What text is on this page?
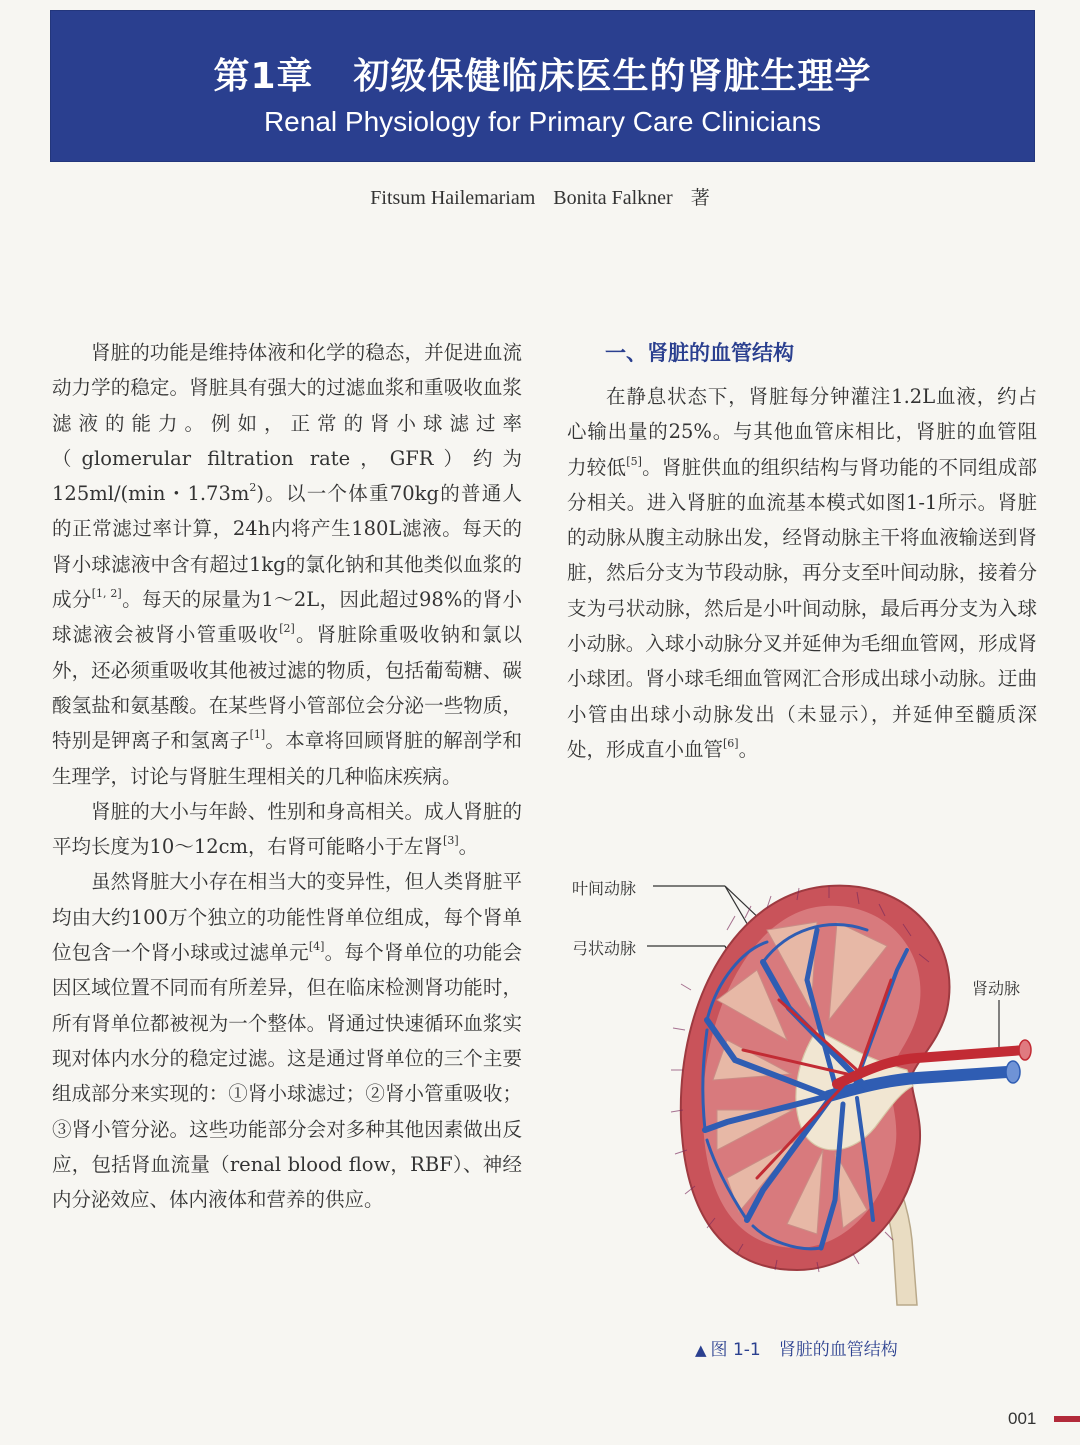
第1章 初级保健临床医生的肾脏生理学
Renal Physiology for Primary Care Clinicians
Fitsum Hailemariam Bonita Falkner 著

肾脏的功能是维持体液和化学的稳态，并促进血流动力学的稳定。肾脏具有强大的过滤血浆和重吸收血浆滤液的能力。例如，正常的肾小球滤过率（glomerular filtration rate，GFR）约为125ml/(min・$1.73m^2$)。以一个体重70kg的普通人的正常滤过率计算，24h内将产生180L滤液。每天的肾小球滤液中含有超过1kg的氯化钠和其他类似血浆的成分[1, 2]。每天的尿量为1～2L，因此超过98%的肾小球滤液会被肾小管重吸收[2]。肾脏除重吸收钠和氯以外，还必须重吸收其他被过滤的物质，包括葡萄糖、碳酸氢盐和氨基酸。在某些肾小管部位会分泌一些物质，特别是钾离子和氢离子[1]。本章将回顾肾脏的解剖学和生理学，讨论与肾脏生理相关的几种临床疾病。

肾脏的大小与年龄、性别和身高相关。成人肾脏的平均长度为10～12cm，右肾可能略小于左肾[3]。

虽然肾脏大小存在相当大的变异性，但人类肾脏平均由大约100万个独立的功能性肾单位组成，每个肾单位包含一个肾小球或过滤单元[4]。每个肾单位的功能会因区域位置不同而有所差异，但在临床检测肾功能时，所有肾单位都被视为一个整体。肾通过快速循环血浆实现对体内水分的稳定过滤。这是通过肾单位的三个主要组成部分来实现的：①肾小球滤过；②肾小管重吸收；③肾小管分泌。这些功能部分会对多种其他因素做出反应，包括肾血流量（renal blood flow，RBF）、神经内分泌效应、体内液体和营养的供应。

一、肾脏的血管结构

在静息状态下，肾脏每分钟灌注1.2L血液，约占心输出量的25%。与其他血管床相比，肾脏的血管阻力较低[5]。肾脏供血的组织结构与肾功能的不同组成部分相关。进入肾脏的血流基本模式如图1-1所示。肾脏的动脉从腹主动脉出发，经肾动脉主干将血液输送到肾脏，然后分支为节段动脉，再分支至叶间动脉，接着分支为弓状动脉，然后是小叶间动脉，最后再分支为入球小动脉。入球小动脉分叉并延伸为毛细血管网，形成肾小球团。肾小球毛细血管网汇合形成出球小动脉。迂曲小管由出球小动脉发出（未显示），并延伸至髓质深处，形成直小血管[6]。

叶间动脉
弓状动脉
肾动脉
▲ 图 1-1 肾脏的血管结构
001
